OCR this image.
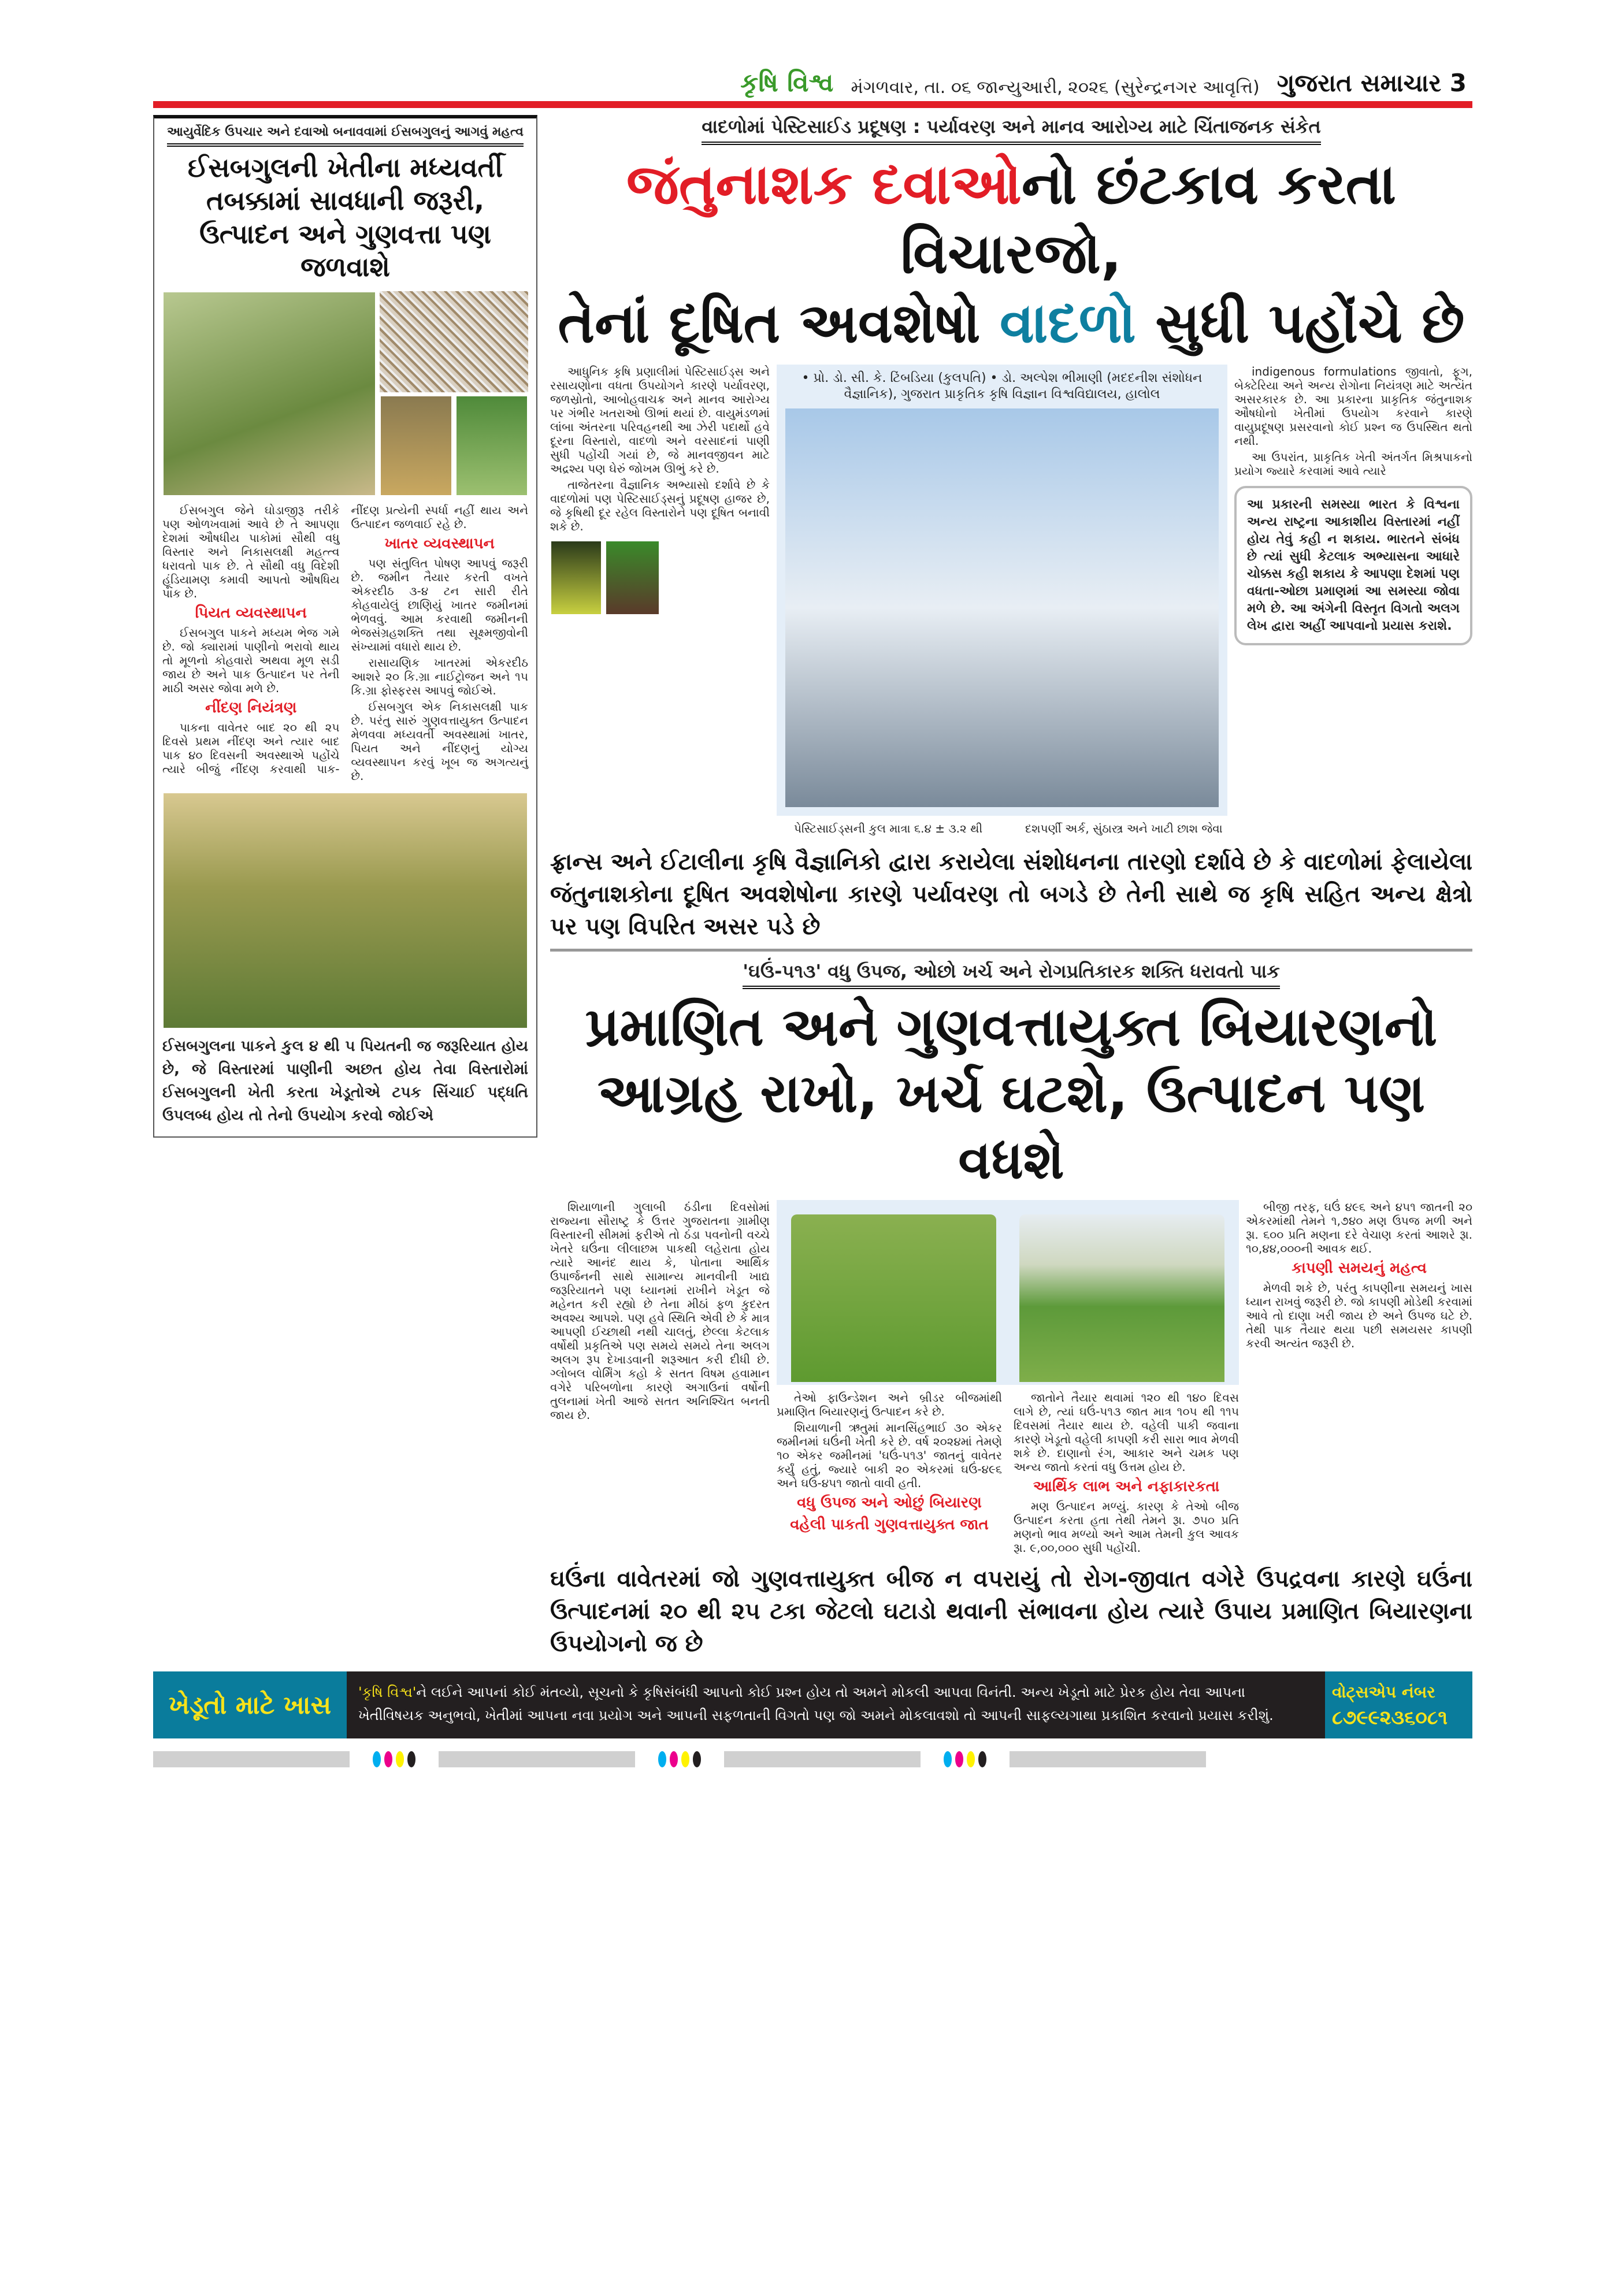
કૃષિ વિશ્વ મંગળવાર, તા. ૦૬ જાન્યુઆરી, ૨૦૨૬ (સુરેન્દ્રનગર આવૃત્તિ) ગુજરાત સમાચાર 3
આયુર્વેદિક ઉપચાર અને દવાઓ બનાવવામાં ઈસબગુલનું આગવું મહત્વ
ઈસબગુલની ખેતીના મધ્યવર્તી તબક્કામાં સાવધાની જરૂરી, ઉત્પાદન અને ગુણવત્તા પણ જળવાશે

ઈસબગુલ જેને ઘોડાજીરૂ તરીકે પણ ઓળખવામાં આવે છે તે આપણા દેશમાં ઔષધીય પાકોમાં સૌથી વધુ વિસ્તાર અને નિકાસલક્ષી મહત્ત્વ ધરાવતો પાક છે. તે સૌથી વધુ વિદેશી હૂંડિયામણ કમાવી આપતો ઔષધિય પાક છે.

પિયત વ્યવસ્થાપન

ઈસબગુલ પાકને મધ્યમ ભેજ ગમે છે. જો ક્યારામાં પાણીનો ભરાવો થાય તો મૂળનો કોહવારો અથવા મૂળ સડી જાય છે અને પાક ઉત્પાદન પર તેની માઠી અસર જોવા મળે છે.

નીંદણ નિયંત્રણ

પાકના વાવેતર બાદ ૨૦ થી ૨૫ દિવસે પ્રથમ નીંદણ અને ત્યાર બાદ પાક ૪૦ દિવસની અવસ્થાએ પહોંચે ત્યારે બીજું નીંદણ કરવાથી પાક-નીંદણ પ્રત્યેની સ્પર્ધા નહીં થાય અને ઉત્પાદન જળવાઈ રહે છે.

ખાતર વ્યવસ્થાપન

પણ સંતુલિત પોષણ આપવું જરૂરી છે. જમીન તૈયાર કરતી વખતે એકરદીઠ ૩-૪ ટન સારી રીતે કોહવાયેલું છાણિયું ખાતર જમીનમાં ભેળવવું. આમ કરવાથી જમીનની ભેજસંગ્રહશક્તિ તથા સૂક્ષ્મજીવોની સંખ્યામાં વધારો થાય છે.

રાસાયણિક ખાતરમાં એકરદીઠ આશરે ૨૦ કિ.ગ્રા નાઈટ્રોજન અને ૧૫ કિ.ગ્રા ફોસ્ફરસ આપવું જોઈએ.

ઈસબગુલ એક નિકાસલક્ષી પાક છે. પરંતુ સારું ગુણવત્તાયુક્ત ઉત્પાદન મેળવવા મધ્યવર્તી અવસ્થામાં ખાતર, પિયત અને નીંદણનું યોગ્ય વ્યવસ્થાપન કરવું ખૂબ જ અગત્યનું છે.

ઈસબગુલના પાકને કુલ ૪ થી ૫ પિયતની જ જરૂરિયાત હોય છે, જે વિસ્તારમાં પાણીની અછત હોય તેવા વિસ્તારોમાં ઈસબગુલની ખેતી કરતા ખેડૂતોએ ટપક સિંચાઈ પદ્ધતિ ઉપલબ્ધ હોય તો તેનો ઉપયોગ કરવો જોઈએ
વાદળોમાં પેસ્ટિસાઈડ પ્રદૂષણ : પર્યાવરણ અને માનવ આરોગ્ય માટે ચિંતાજનક સંકેત
જંતુનાશક દવાઓનો છંટકાવ કરતા વિચારજો,
તેનાં દૂષિત અવશેષો વાદળો સુધી પહોંચે છે

આધુનિક કૃષિ પ્રણાલીમાં પેસ્ટિસાઈડ્સ અને રસાયણોના વધતા ઉપયોગને કારણે પર્યાવરણ, જળસ્રોતો, આબોહવાચક્ર અને માનવ આરોગ્ય પર ગંભીર ખતરાઓ ઊભાં થયાં છે. વાયુમંડળમાં લાંબા અંતરના પરિવહનથી આ ઝેરી પદાર્થો હવે દૂરના વિસ્તારો, વાદળો અને વરસાદનાં પાણી સુધી પહોંચી ગયાં છે, જે માનવજીવન માટે અદ્રશ્ય પણ ઘેરું જોખમ ઊભું કરે છે.

તાજેતરના વૈજ્ઞાનિક અભ્યાસો દર્શાવે છે કે વાદળોમાં પણ પેસ્ટિસાઈડ્સનું પ્રદૂષણ હાજર છે, જે કૃષિથી દૂર રહેલ વિસ્તારોને પણ દૂષિત બનાવી શકે છે.

• પ્રો. ડો. સી. કે. ટિંબડિયા (કુલપતિ) • ડો. અલ્પેશ ભીમાણી (મદદનીશ સંશોધન વૈજ્ઞાનિક), ગુજરાત પ્રાકૃતિક કૃષિ વિજ્ઞાન વિશ્વવિદ્યાલય, હાલોલ

પેસ્ટિસાઈડ્સની કુલ માત્રા ૬.૪ ± ૩.૨ થી	દશપર્ણી અર્ક, સુંઠાસ્ત્ર અને ખાટી છાશ જેવા

indigenous formulations જીવાતો, ફૂગ, બેક્ટેરિયા અને અન્ય રોગોના નિયંત્રણ માટે અત્યંત અસરકારક છે. આ પ્રકારના પ્રાકૃતિક જંતુનાશક ઔષધોનો ખેતીમાં ઉપયોગ કરવાને કારણે વાયુપ્રદૂષણ પ્રસરવાનો કોઈ પ્રશ્ન જ ઉપસ્થિત થતો નથી.

આ ઉપરાંત, પ્રાકૃતિક ખેતી અંતર્ગત મિશ્રપાકનો પ્રયોગ જ્યારે કરવામાં આવે ત્યારે

આ પ્રકારની સમસ્યા ભારત કે વિશ્વના અન્ય રાષ્ટ્રના આકાશીય વિસ્તારમાં નહીં હોય તેવું કહી ન શકાય. ભારતને સંબંધ છે ત્યાં સુધી કેટલાક અભ્યાસના આધારે ચોક્કસ કહી શકાય કે આપણા દેશમાં પણ વધતા-ઓછા પ્રમાણમાં આ સમસ્યા જોવા મળે છે. આ અંગેની વિસ્તૃત વિગતો અલગ લેખ દ્વારા અહીં આપવાનો પ્રયાસ કરાશે.
ફ્રાન્સ અને ઈટાલીના કૃષિ વૈજ્ઞાનિકો દ્વારા કરાયેલા સંશોધનના તારણો દર્શાવે છે કે વાદળોમાં ફેલાયેલા જંતુનાશકોના દૂષિત અવશેષોના કારણે પર્યાવરણ તો બગડે છે તેની સાથે જ કૃષિ સહિત અન્ય ક્ષેત્રો પર પણ વિપરિત અસર પડે છે
'ઘઉં-૫૧૩' વધુ ઉપજ, ઓછો ખર્ચ અને રોગપ્રતિકારક શક્તિ ધરાવતો પાક
પ્રમાણિત અને ગુણવત્તાયુક્ત બિયારણનો
આગ્રહ રાખો, ખર્ચ ઘટશે, ઉત્પાદન પણ વધશે

શિયાળાની ગુલાબી ઠંડીના દિવસોમાં રાજ્યના સૌરાષ્ટ્ર કે ઉત્તર ગુજરાતના ગ્રામીણ વિસ્તારની સીમમાં ફરીએ તો ઠંડા પવનોની વચ્ચે ખેતરે ઘઉંના લીલાછમ પાકથી લહેરાતા હોય ત્યારે આનંદ થાય કે, પોતાના આર્થિક ઉપાર્જનની સાથે સામાન્ય માનવીની ખાદ્ય જરૂરિયાતને પણ ધ્યાનમાં રાખીને ખેડૂત જે મહેનત કરી રહ્યો છે તેના મીઠાં ફળ કુદરત અવશ્ય આપશે. પણ હવે સ્થિતિ એવી છે કે માત્ર આપણી ઈચ્છાથી નથી ચાલતું, છેલ્લા કેટલાક વર્ષોથી પ્રકૃતિએ પણ સમયે સમયે તેના અલગ અલગ રૂપ દેખાડવાની શરૂઆત કરી દીધી છે. ગ્લોબલ વોર્મિંગ કહો કે સતત વિષમ હવામાન વગેરે પરિબળોના કારણે અગાઉનાં વર્ષોની તુલનામાં ખેતી આજે સતત અનિશ્ચિત બનતી જાય છે.

તેઓ ફાઉન્ડેશન અને બ્રીડર બીજમાંથી પ્રમાણિત બિયારણનું ઉત્પાદન કરે છે.

શિયાળાની ઋતુમાં માનસિંહભાઈ ૩૦ એકર જમીનમાં ઘઉંની ખેતી કરે છે. વર્ષ ૨૦૨૪માં તેમણે ૧૦ એકર જમીનમાં 'ઘઉં-૫૧૩' જાતનું વાવેતર કર્યું હતું, જ્યારે બાકી ૨૦ એકરમાં ઘઉં-૪૯૬ અને ઘઉં-૪૫૧ જાતો વાવી હતી.

વધુ ઉપજ અને ઓછું બિયારણ
વહેલી પાકતી ગુણવત્તાયુક્ત જાત

જાતોને તૈયાર થવામાં ૧૨૦ થી ૧૪૦ દિવસ લાગે છે, ત્યાં ઘઉં-૫૧૩ જાત માત્ર ૧૦૫ થી ૧૧૫ દિવસમાં તૈયાર થાય છે. વહેલી પાકી જવાના કારણે ખેડૂતો વહેલી કાપણી કરી સારા ભાવ મેળવી શકે છે. દાણાનો રંગ, આકાર અને ચમક પણ અન્ય જાતો કરતાં વધુ ઉત્તમ હોય છે.

આર્થિક લાભ અને નફાકારકતા

મણ ઉત્પાદન મળ્યું. કારણ કે તેઓ બીજ ઉત્પાદન કરતા હતા તેથી તેમને રૂા. ૭૫૦ પ્રતિ મણનો ભાવ મળ્યો અને આમ તેમની કુલ આવક રૂા. ૯,૦૦,૦૦૦ સુધી પહોંચી.

બીજી તરફ, ઘઉં ૪૯૬ અને ૪૫૧ જાતની ૨૦ એકરમાંથી તેમને ૧,૭૪૦ મણ ઉપજ મળી અને રૂા. ૬૦૦ પ્રતિ મણના દરે વેચાણ કરતાં આશરે રૂા. ૧૦,૪૪,૦૦૦ની આવક થઈ.

કાપણી સમયનું મહત્વ

મેળવી શકે છે, પરંતુ કાપણીના સમયનું ખાસ ધ્યાન રાખવું જરૂરી છે. જો કાપણી મોડેથી કરવામાં આવે તો દાણા ખરી જાય છે અને ઉપજ ઘટે છે. તેથી પાક તૈયાર થયા પછી સમયસર કાપણી કરવી અત્યંત જરૂરી છે.

ઘઉંના વાવેતરમાં જો ગુણવત્તાયુક્ત બીજ ન વપરાયું તો રોગ-જીવાત વગેરે ઉપદ્રવના કારણે ઘઉંના ઉત્પાદનમાં ૨૦ થી ૨૫ ટકા જેટલો ઘટાડો થવાની સંભાવના હોય ત્યારે ઉપાય પ્રમાણિત બિયારણના ઉપયોગનો જ છે
ખેડૂતો માટે ખાસ	'કૃષિ વિશ્વ'ને લઈને આપનાં કોઈ મંતવ્યો, સૂચનો કે કૃષિસંબંધી આપનો કોઈ પ્રશ્ન હોય તો અમને મોકલી આપવા વિનંતી. અન્ય ખેડૂતો માટે પ્રેરક હોય તેવા આપના
ખેતીવિષયક અનુભવો, ખેતીમાં આપના નવા પ્રયોગ અને આપની સફળતાની વિગતો પણ જો અમને મોકલાવશો તો આપની સાફલ્યગાથા પ્રકાશિત કરવાનો પ્રયાસ કરીશું.
વોટ્સએપ નંબર
૮૭૯૯૨૩૬૦૮૧
